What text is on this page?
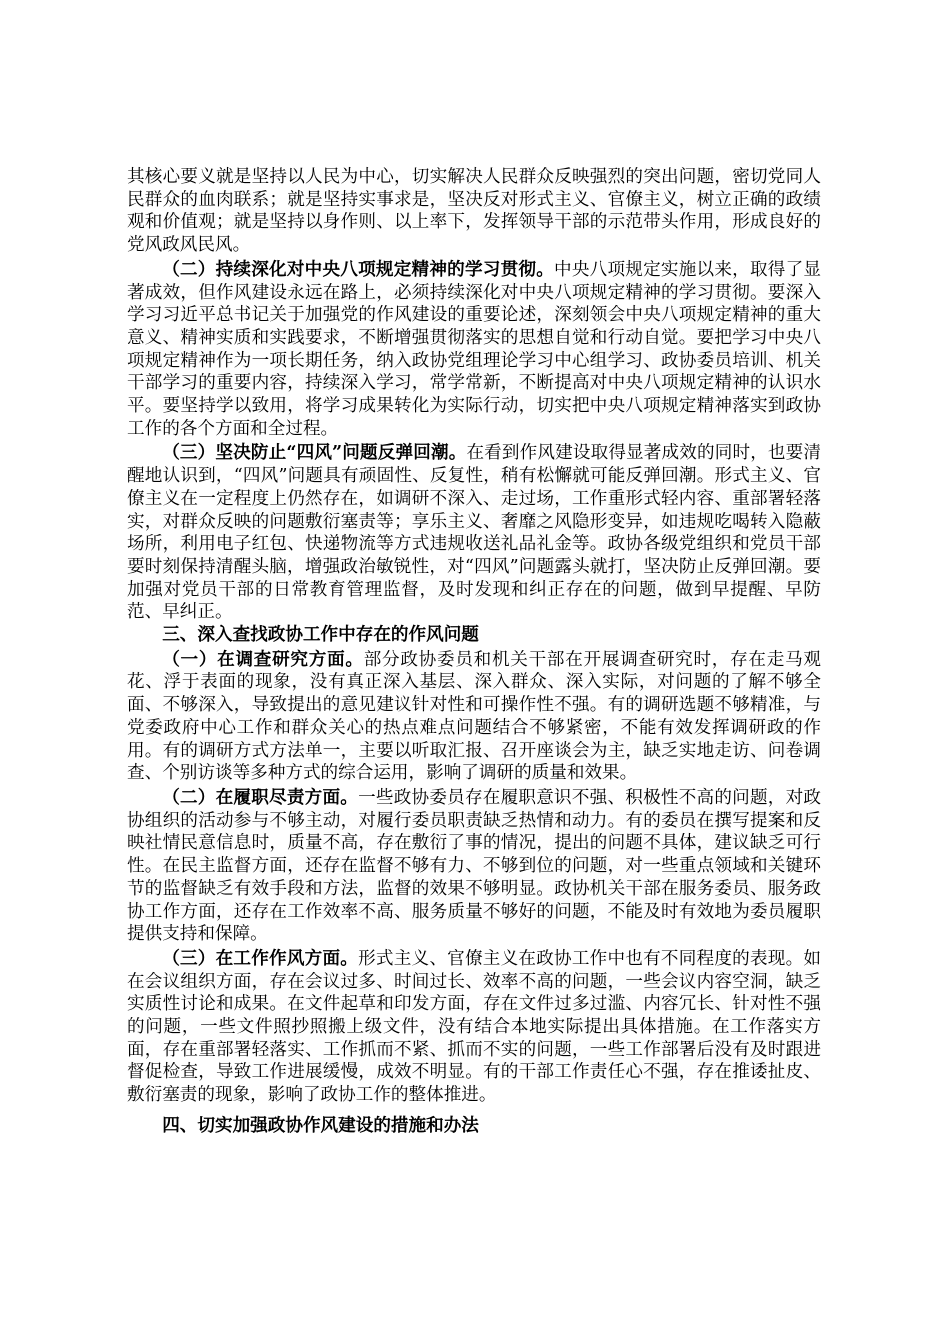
其核心要义就是坚持以人民为中心，切实解决人民群众反映强烈的突出问题，密切党同人民群众的血肉联系；就是坚持实事求是，坚决反对形式主义、官僚主义，树立正确的政绩观和价值观；就是坚持以身作则、以上率下，发挥领导干部的示范带头作用，形成良好的党风政风民风。

（二）持续深化对中央八项规定精神的学习贯彻。中央八项规定实施以来，取得了显著成效，但作风建设永远在路上，必须持续深化对中央八项规定精神的学习贯彻。要深入学习习近平总书记关于加强党的作风建设的重要论述，深刻领会中央八项规定精神的重大意义、精神实质和实践要求，不断增强贯彻落实的思想自觉和行动自觉。要把学习中央八项规定精神作为一项长期任务，纳入政协党组理论学习中心组学习、政协委员培训、机关干部学习的重要内容，持续深入学习，常学常新，不断提高对中央八项规定精神的认识水平。要坚持学以致用，将学习成果转化为实际行动，切实把中央八项规定精神落实到政协工作的各个方面和全过程。

（三）坚决防止“四风”问题反弹回潮。在看到作风建设取得显著成效的同时，也要清醒地认识到，“四风”问题具有顽固性、反复性，稍有松懈就可能反弹回潮。形式主义、官僚主义在一定程度上仍然存在，如调研不深入、走过场，工作重形式轻内容、重部署轻落实，对群众反映的问题敷衍塞责等；享乐主义、奢靡之风隐形变异，如违规吃喝转入隐蔽场所，利用电子红包、快递物流等方式违规收送礼品礼金等。政协各级党组织和党员干部要时刻保持清醒头脑，增强政治敏锐性，对“四风”问题露头就打，坚决防止反弹回潮。要加强对党员干部的日常教育管理监督，及时发现和纠正存在的问题，做到早提醒、早防范、早纠正。

三、深入查找政协工作中存在的作风问题

（一）在调查研究方面。部分政协委员和机关干部在开展调查研究时，存在走马观花、浮于表面的现象，没有真正深入基层、深入群众、深入实际，对问题的了解不够全面、不够深入，导致提出的意见建议针对性和可操作性不强。有的调研选题不够精准，与党委政府中心工作和群众关心的热点难点问题结合不够紧密，不能有效发挥调研政的作用。有的调研方式方法单一，主要以听取汇报、召开座谈会为主，缺乏实地走访、问卷调查、个别访谈等多种方式的综合运用，影响了调研的质量和效果。

（二）在履职尽责方面。一些政协委员存在履职意识不强、积极性不高的问题，对政协组织的活动参与不够主动，对履行委员职责缺乏热情和动力。有的委员在撰写提案和反映社情民意信息时，质量不高，存在敷衍了事的情况，提出的问题不具体，建议缺乏可行性。在民主监督方面，还存在监督不够有力、不够到位的问题，对一些重点领域和关键环节的监督缺乏有效手段和方法，监督的效果不够明显。政协机关干部在服务委员、服务政协工作方面，还存在工作效率不高、服务质量不够好的问题，不能及时有效地为委员履职提供支持和保障。

（三）在工作作风方面。形式主义、官僚主义在政协工作中也有不同程度的表现。如在会议组织方面，存在会议过多、时间过长、效率不高的问题，一些会议内容空洞，缺乏实质性讨论和成果。在文件起草和印发方面，存在文件过多过滥、内容冗长、针对性不强的问题，一些文件照抄照搬上级文件，没有结合本地实际提出具体措施。在工作落实方面，存在重部署轻落实、工作抓而不紧、抓而不实的问题，一些工作部署后没有及时跟进督促检查，导致工作进展缓慢，成效不明显。有的干部工作责任心不强，存在推诿扯皮、敷衍塞责的现象，影响了政协工作的整体推进。

四、切实加强政协作风建设的措施和办法
